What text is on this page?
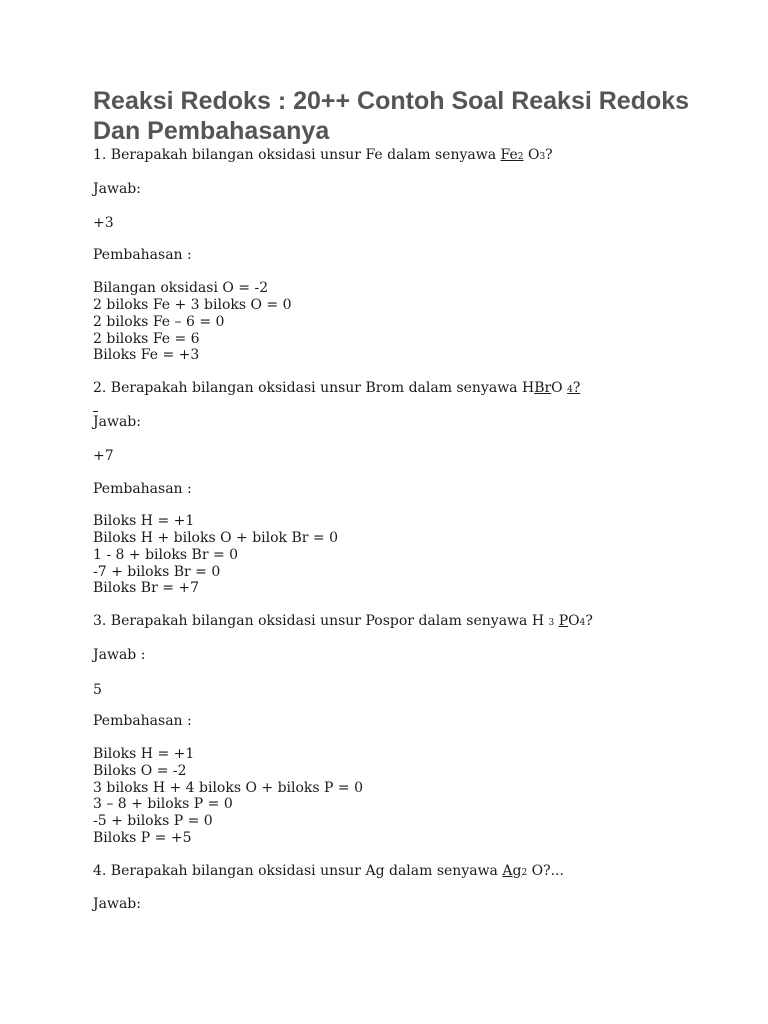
Reaksi Redoks : 20++ Contoh Soal Reaksi Redoks Dan Pembahasanya
1. Berapakah bilangan oksidasi unsur Fe dalam senyawa Fe2 O3?
Jawab:
+3
Pembahasan :
Bilangan oksidasi O = -2
2 biloks Fe + 3 biloks O = 0
2 biloks Fe – 6 = 0
2 biloks Fe = 6
Biloks Fe = +3
2. Berapakah bilangan oksidasi unsur Brom dalam senyawa HBrO 4?
Jawab:
+7
Pembahasan :
Biloks H = +1
Biloks H + biloks O + bilok Br = 0
1 - 8 + biloks Br = 0
-7 + biloks Br = 0
Biloks Br = +7
3. Berapakah bilangan oksidasi unsur Pospor dalam senyawa H 3 PO4?
Jawab :
5
Pembahasan :
Biloks H = +1
Biloks O = -2
3 biloks H + 4 biloks O + biloks P = 0
3 – 8 + biloks P = 0
-5 + biloks P = 0
Biloks P = +5
4. Berapakah bilangan oksidasi unsur Ag dalam senyawa Ag2 O?...
Jawab:
